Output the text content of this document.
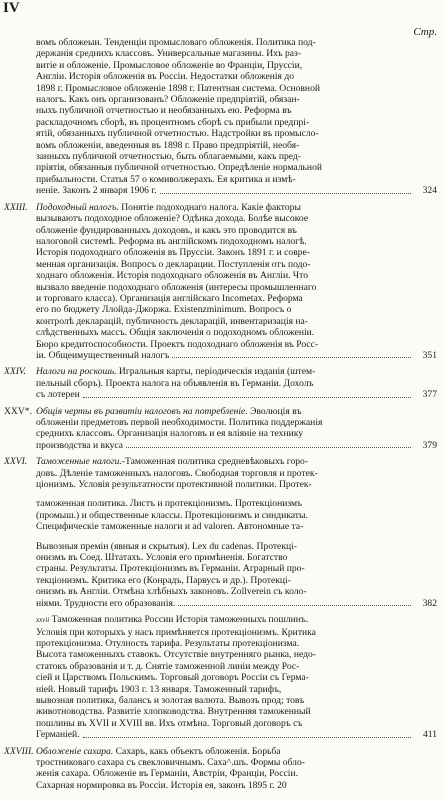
IV
Стр.
вомъ обложеыи. Тенденціи промысловаго обложенія. Политика под-
держанія среднихъ классовъ. Универсальные магазины. Ихъ раз-
витіе и обложеніе. Промысловое обложеніе во Франціи, Пруссіи,
Англіи. Исторія обложенія въ Россіи. Недостатки обложенія до
1898 г. Промысловое обложеніе 1898 г. Патентная система. Основной
налогъ. Какъ онъ организованъ? Обложеніе предпріятій, обязан-
ныхъ публичной отчетностью и необязанныхъ ею. Реформа въ
раскладочномъ сборѣ, въ процентномъ сборѣ съ прибыли предпрі-
ятій, обязанныхъ публичной отчетностью. Надстройки въ промысло-
вомъ обложеніи, введенныя въ 1898 г. Право предпріятій, необя-
занныхъ публичной отчетностью, быть облагаемыми, какъ пред-
пріятія, обязанныя публичной отчетностью. Опредѣленіе нормальной
прибыльности. Статья 57 о комиволжерахъ. Ея критика и измѣ-
неніе. Законъ 2 января 1906 г.	324
XXIII. Подоходный налогъ. Понятіе подоходнаго налога. Какіе факторы
вызываютъ подоходное обложеніе? Одѣнка дохода. Болѣе высокое
обложеніе фундированныхъ доходовъ, и какъ это проводится въ
налоговой системѣ. Реформа въ англійскомъ подоходномъ налогѣ.
Исторія подоходнаго обложенія въ Пруссіи. Законъ 1891 г. и совре-
менная организація. Вопросъ о декларации. Поступленія отъ подо-
ходнаго обложенія. Исторія подоходнаго обложенія въ Англіи. Что
вызвало введеніе подоходнаго обложенія (интересы промышленнаго
и торговаго класса). Организація англійскаго Incometax. Реформа
его по бюджету Ллойда-Джоржа. Existenzminimum. Вопросъ о
контролѣ декларацій, публичность декларацій, инвентаризація на-
слѣдственныхъ массъ. Общія заключенія о подоходномъ обложеніи.
Бюро кредитоспособности. Проектъ подоходнаго обложенія въ Росс-
іи. Общеимущественный налогъ	351
XXIV.	Налоги на роскошь. Игральныя карты, періодическія изданія (штем-
пельный сборъ). Проекта налога на объявленія въ Германіи. Дохолъ
съ лотереи	377
XXV*. Общія черты въ развитіи налоговъ на потребленіе. Эволюція въ
обложеніи предметовъ первой необходимости. Политика поддержанія
среднихъ классовъ. Организація налоговъ и ея вліяніе на технику
производства и вкуса	379
XXVI. Таможенные налоги.-Таможенная политика средневѣковыхъ горо-
довъ. Дѣленіе таможенныхъ налоговъ. Свободная торговля и протек-
ціонизмъ. Условія результатности протективной политики. Протек-
таможенная политика. Листъ и протекціонизмъ. Протекціонизмъ
(промыш.) и общественные классы. Протекціонизмъ и синдикаты.
Специфическіе таможенные налоги и ad valoren. Автономные та-
Вывозныя премін (явныя и скрытыя). Lex du cadenas. Протекці-
онизмъ въ Соед. Штатахъ. Условія его примѣненія. Богатство
страны. Результаты. Протекціонизмъ въ Германіи. Аграрный про-
текціонизмъ. Критика его (Конрадъ, Парвусъ и др.). Протекці-
онизмъ въ Англіи. Отмѣна хлѣбныхъ законовъ. Zollverein съ коло-
ніями. Трудности его образованія.	382
xxvii Таможенная политика России Исторія таможенныхъ пошлинъ.
Условія при которыхъ у насъ примѣняется протекціонизмъ. Критика
протекціонизма. Отулность тарифа. Результаты протекціонизма.
Высота таможенныхъ ставокъ. Отсутствіе внутренняго рынка, недо-
статокъ образованія и т. д. Снятіе таможенной линіи между Рос-
сіей и Царствомъ Польскимъ. Торговый договоръ Россіи съ Герма-
ніей. Новый тарифъ 1903 г. 13 января. Таможенный тарифъ,
вывозная политика, балансъ и золотая валюта. Вывозъ прод; товъ
животноводства. Развитіе хлопководства. Внутренняя таможенный
пошлины въ XVII и XVIII вв. Ихъ отмѣна. Торговый договоръ съ
Германіей.	411
XXVIII. Обложеніе сахара. Сахаръ, какъ объектъ обложенія. Борьба
тростниковаго сахара съ свекловичнымъ. Саха^.шъ. Формы обло-
женія сахара. Обложеніе въ Германіи, Австріи, Франціи, Россіи.
Сахарная нормировка въ Россіи. Исторія ея, законъ 1895 г. 20
